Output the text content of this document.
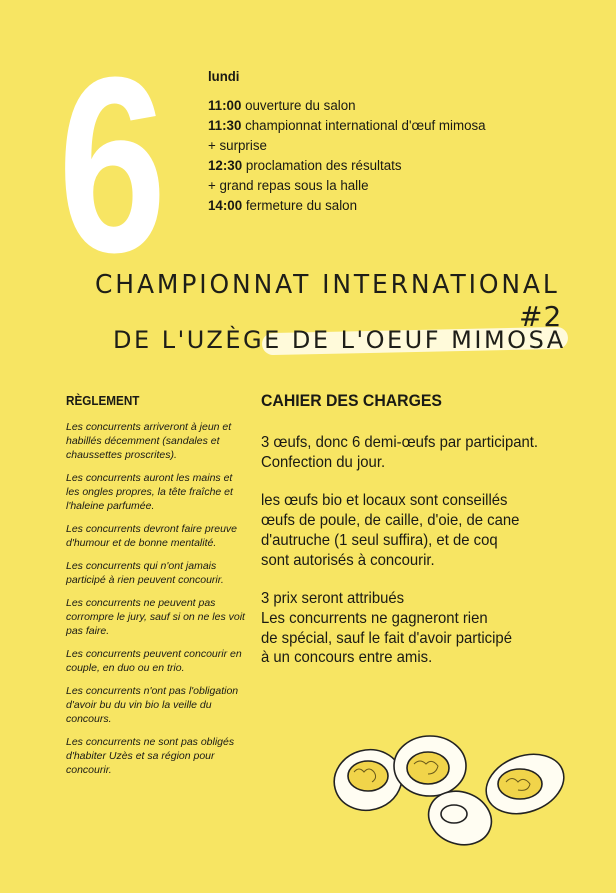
6	lundi
11:00 ouverture du salon
11:30 championnat international d'œuf mimosa
+ surprise
12:30 proclamation des résultats
+ grand repas sous la halle
14:00 fermeture du salon
CHAMPIONNAT INTERNATIONAL
DE L'UZÈGE DE L'OEUF MIMOSA
#2
RÈGLEMENT

Les concurrents arriveront à jeun et habillés décemment (sandales et chaussettes proscrites).

Les concurrents auront les mains et les ongles propres, la tête fraîche et l'haleine parfumée.

Les concurrents devront faire preuve d'humour et de bonne mentalité.

Les concurrents qui n'ont jamais participé à rien peuvent concourir.

Les concurrents ne peuvent pas corrompre le jury, sauf si on ne les voit pas faire.

Les concurrents peuvent concourir en couple, en duo ou en trio.

Les concurrents n'ont pas l'obligation d'avoir bu du vin bio la veille du concours.

Les concurrents ne sont pas obligés d'habiter Uzès et sa région pour concourir.

CAHIER DES CHARGES
3 œufs, donc 6 demi-œufs par participant.
Confection du jour.
les œufs bio et locaux sont conseillés
œufs de poule, de caille, d'oie, de cane
d'autruche (1 seul suffira), et de coq
sont autorisés à concourir.
3 prix seront attribués
Les concurrents ne gagneront rien
de spécial, sauf le fait d'avoir participé
à un concours entre amis.
